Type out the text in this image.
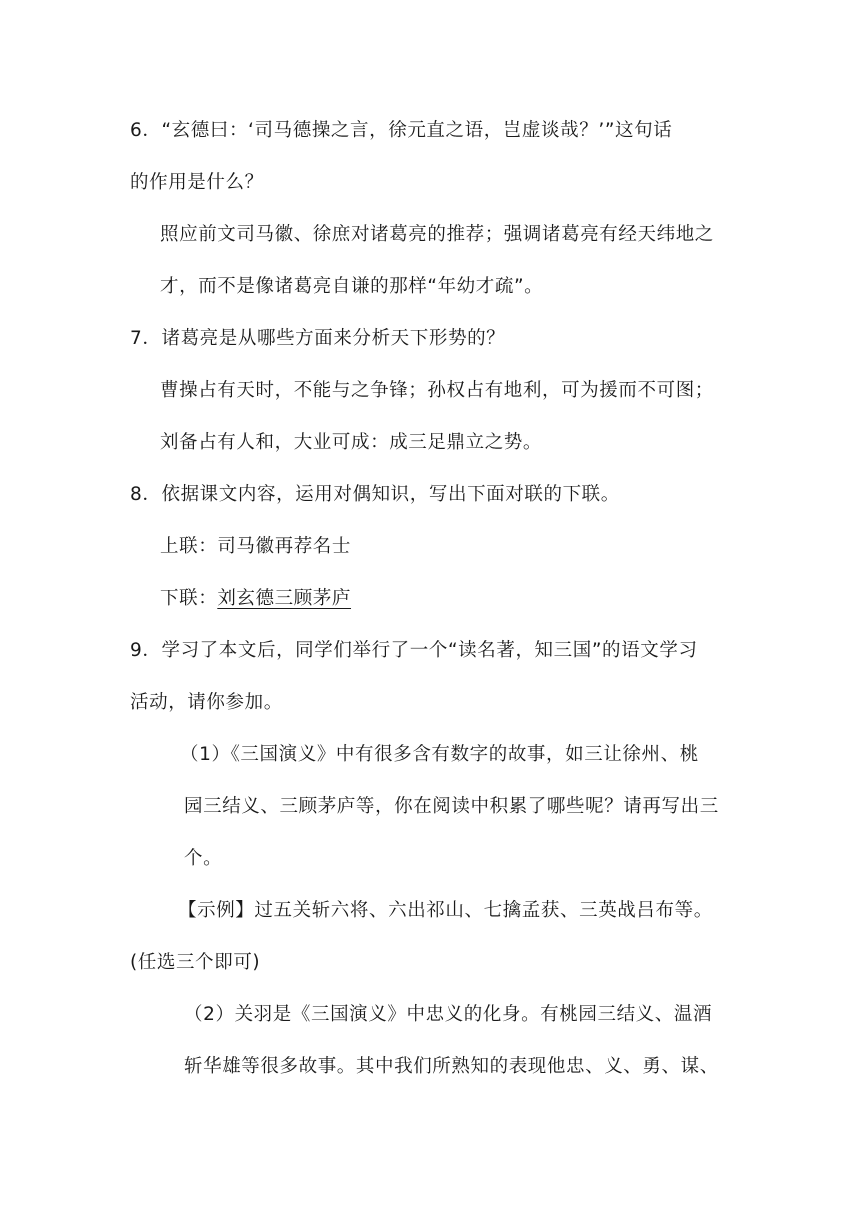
6．“玄德曰：‘司马德操之言，徐元直之语，岂虚谈哉？’”这句话
的作用是什么？
照应前文司马徽、徐庶对诸葛亮的推荐；强调诸葛亮有经天纬地之
才，而不是像诸葛亮自谦的那样“年幼才疏”。
7．诸葛亮是从哪些方面来分析天下形势的？
曹操占有天时，不能与之争锋；孙权占有地利，可为援而不可图；
刘备占有人和，大业可成：成三足鼎立之势。
8．依据课文内容，运用对偶知识，写出下面对联的下联。
上联：司马徽再荐名士
下联：刘玄德三顾茅庐
9．学习了本文后，同学们举行了一个“读名著，知三国”的语文学习
活动，请你参加。
（1）《三国演义》中有很多含有数字的故事，如三让徐州、桃
园三结义、三顾茅庐等，你在阅读中积累了哪些呢？请再写出三
个。
【示例】过五关斩六将、六出祁山、七擒孟获、三英战吕布等。
(任选三个即可)
（2）关羽是《三国演义》中忠义的化身。有桃园三结义、温酒
斩华雄等很多故事。其中我们所熟知的表现他忠、义、勇、谋、
